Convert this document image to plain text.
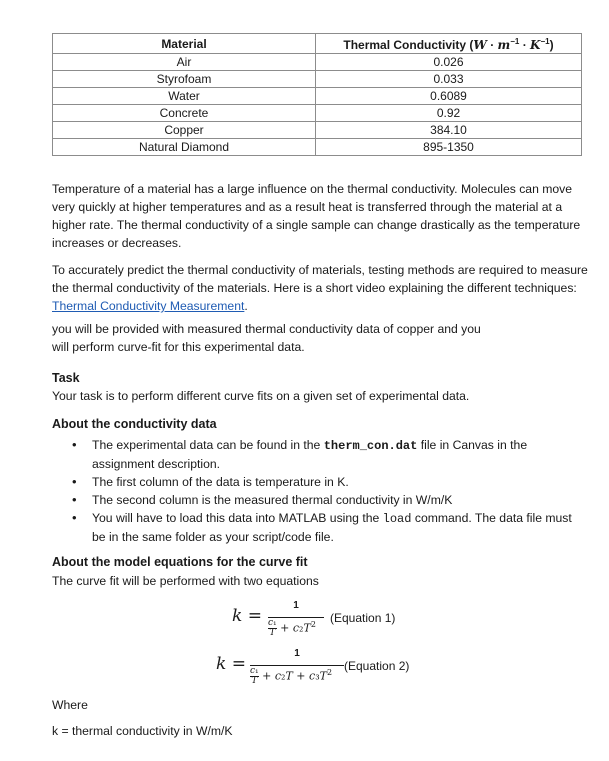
Material	Thermal Conductivity $(W \cdot m^{-1} \cdot K^{-1})$
Air	0.026
Styrofoam	0.033
Water	0.6089
Concrete	0.92
Copper	384.10
Natural Diamond	895-1350

Temperature of a material has a large influence on the thermal conductivity. Molecules can move very quickly at higher temperatures and as a result heat is transferred through the material at a higher rate. The thermal conductivity of a single sample can change drastically as the temperature increases or decreases.

To accurately predict the thermal conductivity of materials, testing methods are required to measure the thermal conductivity of the materials. Here is a short video explaining the different techniques: Thermal Conductivity Measurement.

you will be provided with measured thermal conductivity data of copper and you

will perform curve-fit for this experimental data.

Task
Your task is to perform different curve fits on a given set of experimental data.
About the conductivity data
• The experimental data can be found in the therm_con.dat file in Canvas in the assignment description.
• The first column of the data is temperature in K.
• The second column is the measured thermal conductivity in W/m/K
• You will have to load this data into MATLAB using the load command. The data file must be in the same folder as your script/code file.
About the model equations for the curve fit
The curve fit will be performed with two equations
k =
1
$\frac{\text{c₁}}{T} + c_2T^2$ (Equation 1)
k =
1
$\frac{\text{c₁}}{T} + c_2T + c_3T^2$ (Equation 2)
Where
k = thermal conductivity in W/m/K
